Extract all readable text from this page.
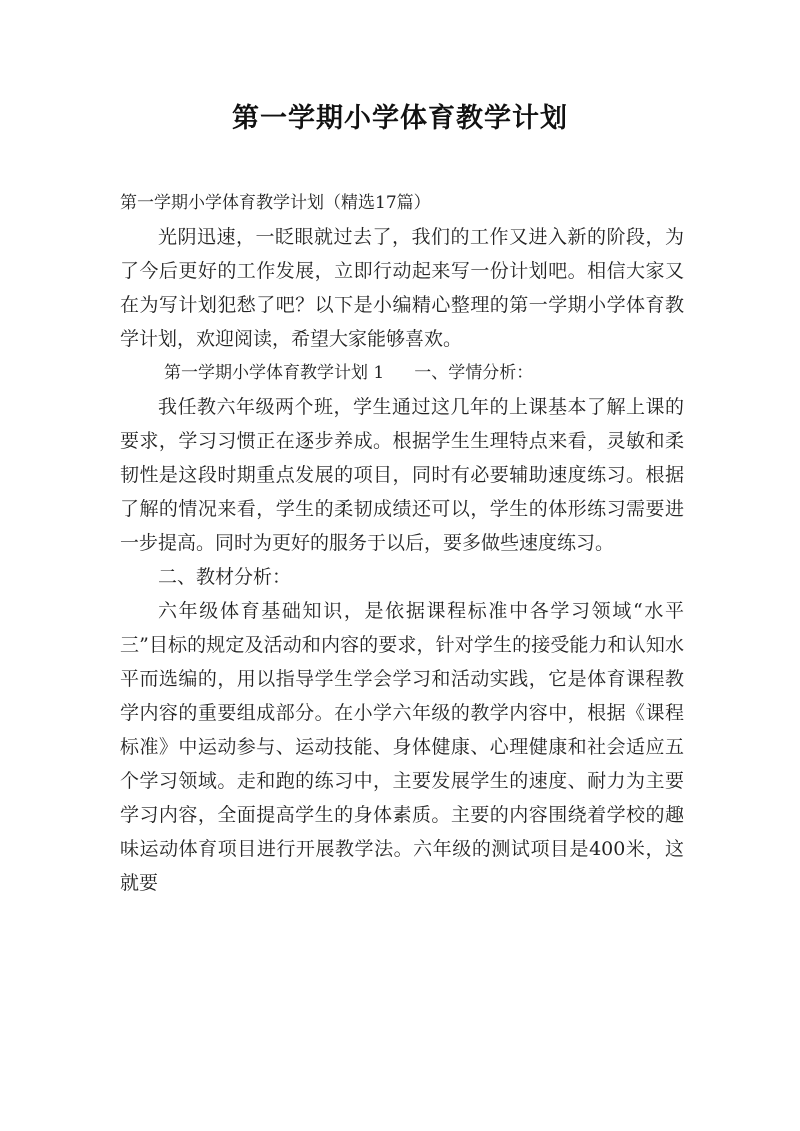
第一学期小学体育教学计划

第一学期小学体育教学计划（精选17篇）

光阴迅速，一眨眼就过去了，我们的工作又进入新的阶段，为了今后更好的工作发展，立即行动起来写一份计划吧。相信大家又在为写计划犯愁了吧？以下是小编精心整理的第一学期小学体育教学计划，欢迎阅读，希望大家能够喜欢。

第一学期小学体育教学计划 1 一、学情分析：

我任教六年级两个班，学生通过这几年的上课基本了解上课的要求，学习习惯正在逐步养成。根据学生生理特点来看，灵敏和柔韧性是这段时期重点发展的项目，同时有必要辅助速度练习。根据了解的情况来看，学生的柔韧成绩还可以，学生的体形练习需要进一步提高。同时为更好的服务于以后，要多做些速度练习。

二、教材分析：

六年级体育基础知识，是依据课程标准中各学习领域“水平三”目标的规定及活动和内容的要求，针对学生的接受能力和认知水平而选编的，用以指导学生学会学习和活动实践，它是体育课程教学内容的重要组成部分。在小学六年级的教学内容中，根据《课程标准》中运动参与、运动技能、身体健康、心理健康和社会适应五个学习领域。走和跑的练习中，主要发展学生的速度、耐力为主要学习内容，全面提高学生的身体素质。主要的内容围绕着学校的趣味运动体育项目进行开展教学法。六年级的测试项目是400米，这就要
